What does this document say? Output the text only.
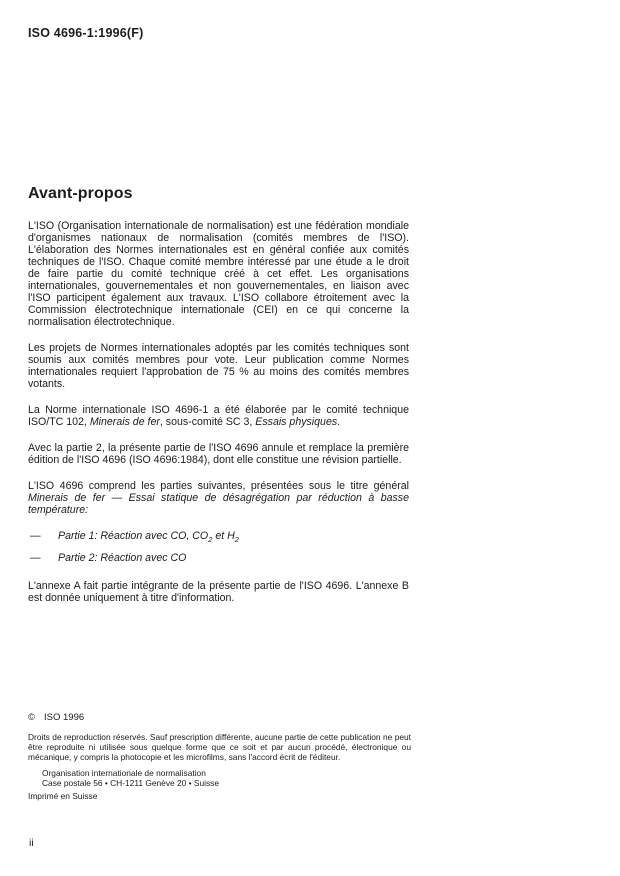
ISO 4696-1:1996(F)
Avant-propos

L'ISO (Organisation internationale de normalisation) est une fédération mondiale d'organismes nationaux de normalisation (comités membres de l'ISO). L'élaboration des Normes internationales est en général confiée aux comités techniques de l'ISO. Chaque comité membre intéressé par une étude a le droit de faire partie du comité technique créé à cet effet. Les organisations internationales, gouvernementales et non gouvernementales, en liaison avec l'ISO participent également aux travaux. L'ISO collabore étroitement avec la Commission électrotechnique internationale (CEI) en ce qui concerne la normalisation électrotechnique.

Les projets de Normes internationales adoptés par les comités techniques sont soumis aux comités membres pour vote. Leur publication comme Normes internationales requiert l'approbation de 75 % au moins des comités membres votants.

La Norme internationale ISO 4696-1 a été élaborée par le comité technique ISO/TC 102, Minerais de fer, sous-comité SC 3, Essais physiques.

Avec la partie 2, la présente partie de l'ISO 4696 annule et remplace la première édition de l'ISO 4696 (ISO 4696:1984), dont elle constitue une révision partielle.

L'ISO 4696 comprend les parties suivantes, présentées sous le titre général Minerais de fer — Essai statique de désagrégation par réduction à basse température:

— Partie 1: Réaction avec CO, $CO_2$ et $H_2$
— Partie 2: Réaction avec CO

L'annexe A fait partie intégrante de la présente partie de l'ISO 4696. L'annexe B est donnée uniquement à titre d'information.

© ISO 1996

Droits de reproduction réservés. Sauf prescription différente, aucune partie de cette publication ne peut être reproduite ni utilisée sous quelque forme que ce soit et par aucun procédé, électronique ou mécanique, y compris la photocopie et les microfilms, sans l'accord écrit de l'éditeur.

Organisation internationale de normalisation
Case postale 56 • CH-1211 Genève 20 • Suisse
Imprimé en Suisse
ii
